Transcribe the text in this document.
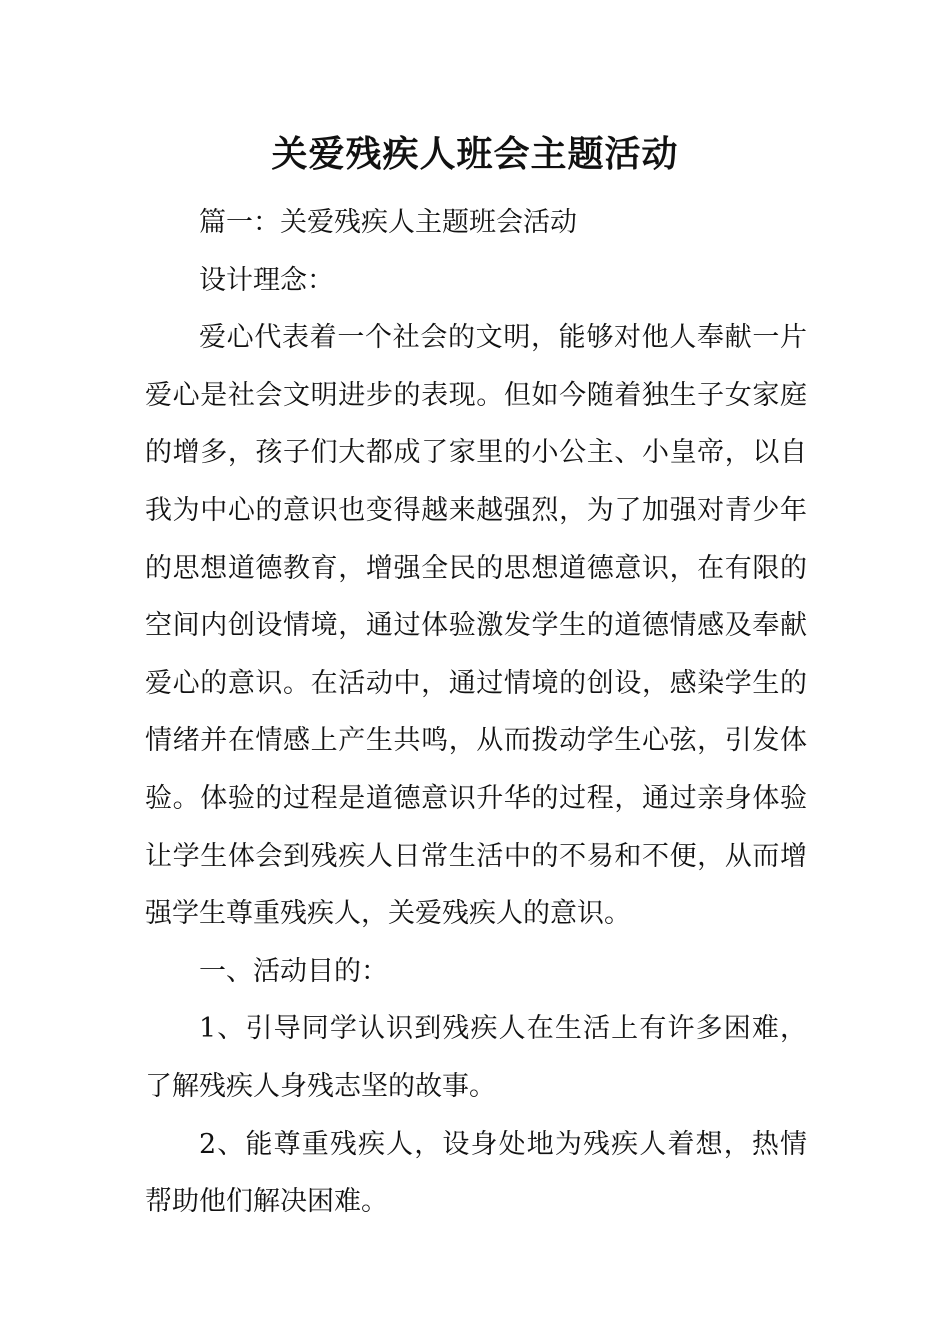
关爱残疾人班会主题活动

篇一：关爱残疾人主题班会活动

设计理念：

爱心代表着一个社会的文明，能够对他人奉献一片爱心是社会文明进步的表现。但如今随着独生子女家庭的增多，孩子们大都成了家里的小公主、小皇帝，以自我为中心的意识也变得越来越强烈，为了加强对青少年的思想道德教育，增强全民的思想道德意识，在有限的空间内创设情境，通过体验激发学生的道德情感及奉献爱心的意识。在活动中，通过情境的创设，感染学生的情绪并在情感上产生共鸣，从而拨动学生心弦，引发体验。体验的过程是道德意识升华的过程，通过亲身体验让学生体会到残疾人日常生活中的不易和不便，从而增强学生尊重残疾人，关爱残疾人的意识。

一、活动目的：

1、引导同学认识到残疾人在生活上有许多困难，了解残疾人身残志坚的故事。

2、能尊重残疾人，设身处地为残疾人着想，热情帮助他们解决困难。
